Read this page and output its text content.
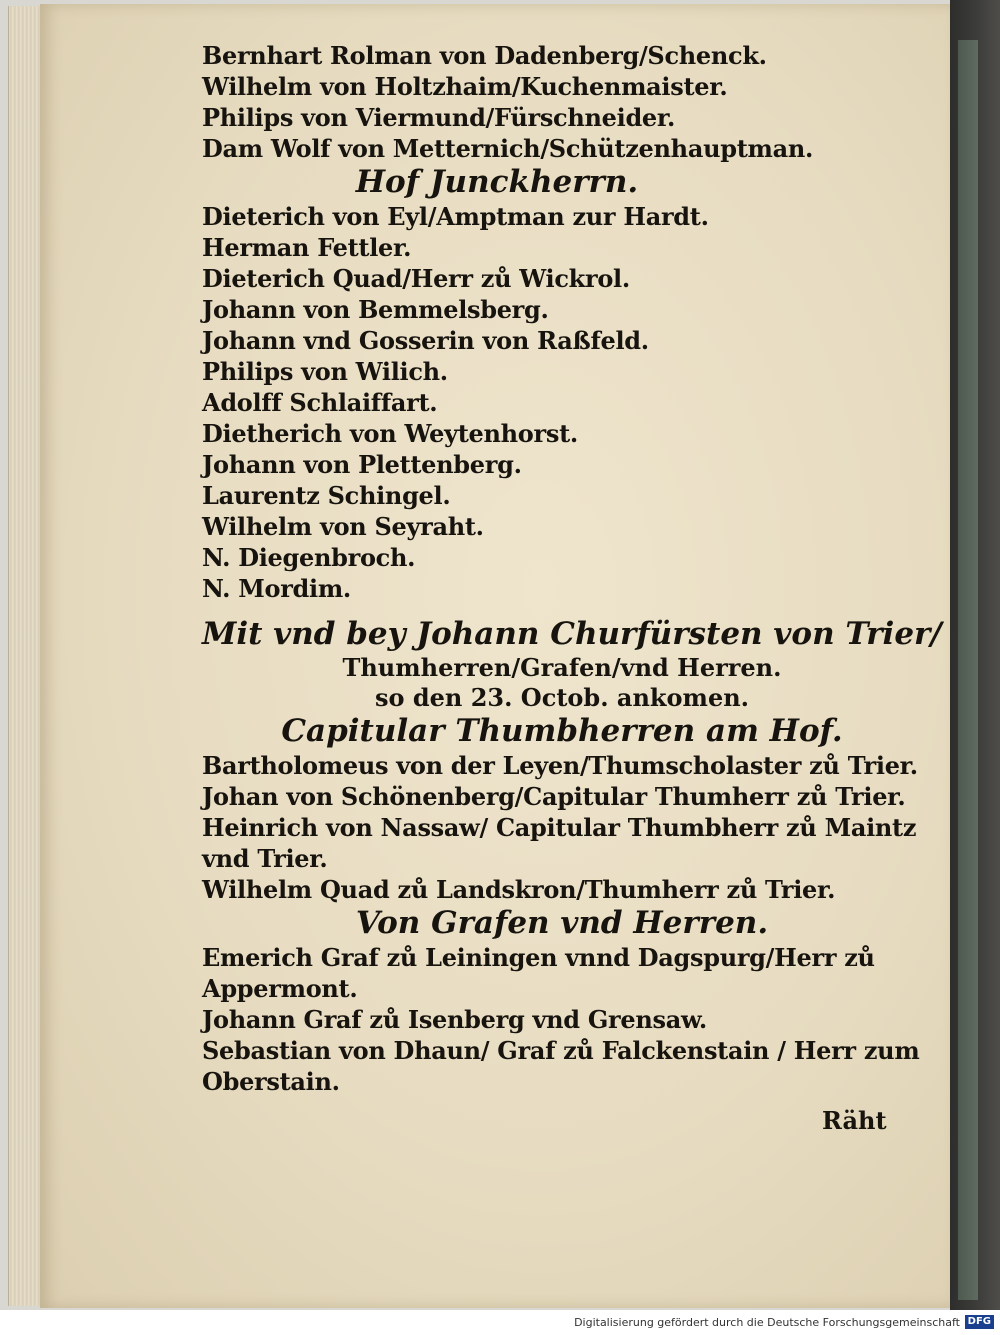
Bernhart Rolman von Dadenberg/Schenck.
Wilhelm von Holtzhaim/Kuchenmaister.
Philips von Viermund/Fürschneider.
Dam Wolf von Metternich/Schützenhauptman.
Hof Junckherrn.
Dieterich von Eyl/Amptman zur Hardt.
Herman Fettler.
Dieterich Quad/Herr zů Wickrol.
Johann von Bemmelsberg.
Johann vnd Gosserin von Raßfeld.
Philips von Wilich.
Adolff Schlaiffart.
Dietherich von Weytenhorst.
Johann von Plettenberg.
Laurentz Schingel.
Wilhelm von Seyraht.
N. Diegenbroch.
N. Mordim.
Mit vnd bey Johann Churfürsten von Trier/
Thumherren/Grafen/vnd Herren.
so den 23. Octob. ankomen.
Capitular Thumbherren am Hof.
Bartholomeus von der Leyen/Thumscholaster zů Trier.
Johan von Schönenberg/Capitular Thumherr zů Trier.
Heinrich von Nassaw/ Capitular Thumbherr zů Maintz
vnd Trier.
Wilhelm Quad zů Landskron/Thumherr zů Trier.
Von Grafen vnd Herren.
Emerich Graf zů Leiningen vnnd Dagspurg/Herr zů
Appermont.
Johann Graf zů Isenberg vnd Grensaw.
Sebastian von Dhaun/ Graf zů Falckenstain / Herr zum
Oberstain.
Räht
Digitalisierung gefördert durch die Deutsche Forschungsgemeinschaft DFG
